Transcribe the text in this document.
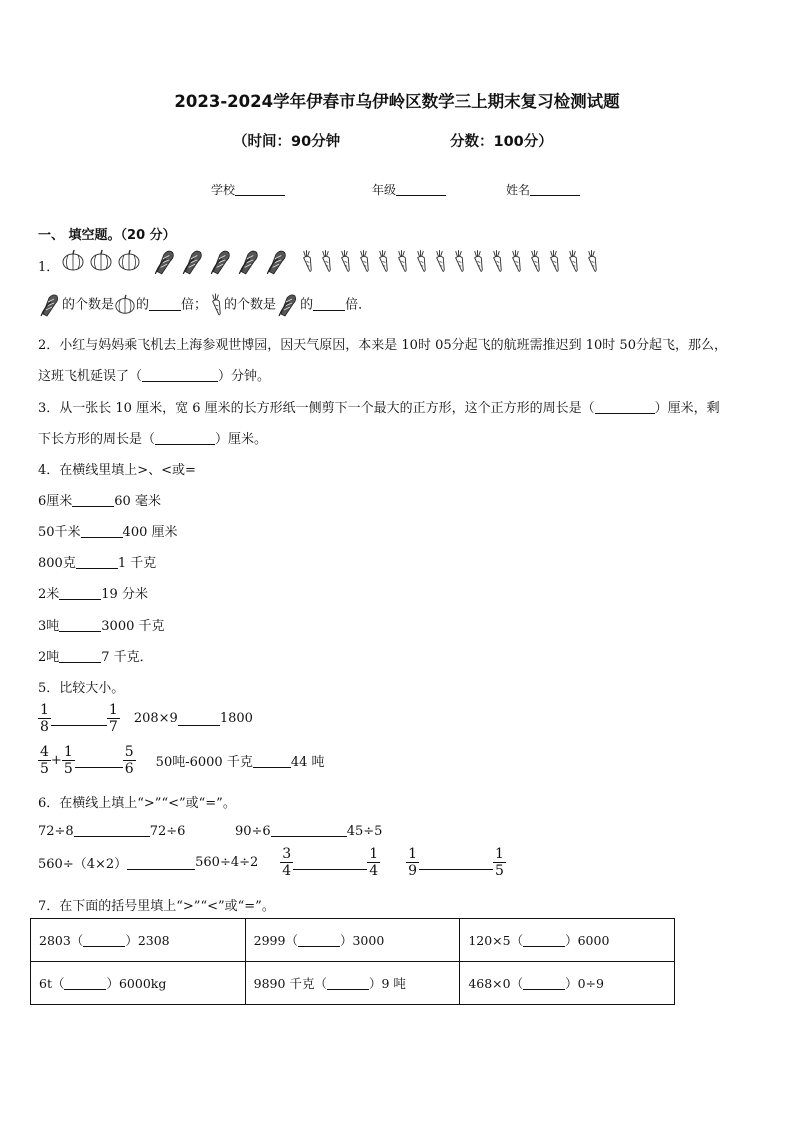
2023-2024学年伊春市乌伊岭区数学三上期末复习检测试题
（时间：90分钟	分数：100分）
学校	年级	姓名
一、 填空题。（20 分）
1．
的个数是 的 倍； 的个数是 的 倍．
2．小红与妈妈乘飞机去上海参观世博园，因天气原因，本来是 10时 05分起飞的航班需推迟到 10时 50分起飞，那么，
这班飞机延误了（	）分钟。
3．从一张长 10 厘米，宽 6 厘米的长方形纸一侧剪下一个最大的正方形，这个正方形的周长是（	）厘米，剩
下长方形的周长是（	）厘米。
4．在横线里填上>、<或=
6厘米	60 毫米
50千米	400 厘米
800克	1 千克
2米	19 分米
3吨	3000 千克
2吨	7 千克．
5．比较大小。
$\frac{1}{8}$	$\frac{1}{7} 208\times 9$	1800
$\frac{4}{5} + \frac{1}{5}$	$\frac{5}{6} 50$吨-6000 千克	44 吨
6．在横线上填上“>”“<”或“=”。
72÷8	72÷6	90÷6	45÷5
560÷（4×2）	$560\div 4\div 2 \frac{3}{4}$	$\frac{1}{4} \frac{1}{9}$	$\frac{1}{5}$
7．在下面的括号里填上“>”“<”或“=”。
2803（ ）2308	2999（ ）3000	120×5（ ）6000
6t（ ）6000kg	9890 千克（ ）9 吨	468×0（ ）0÷9
